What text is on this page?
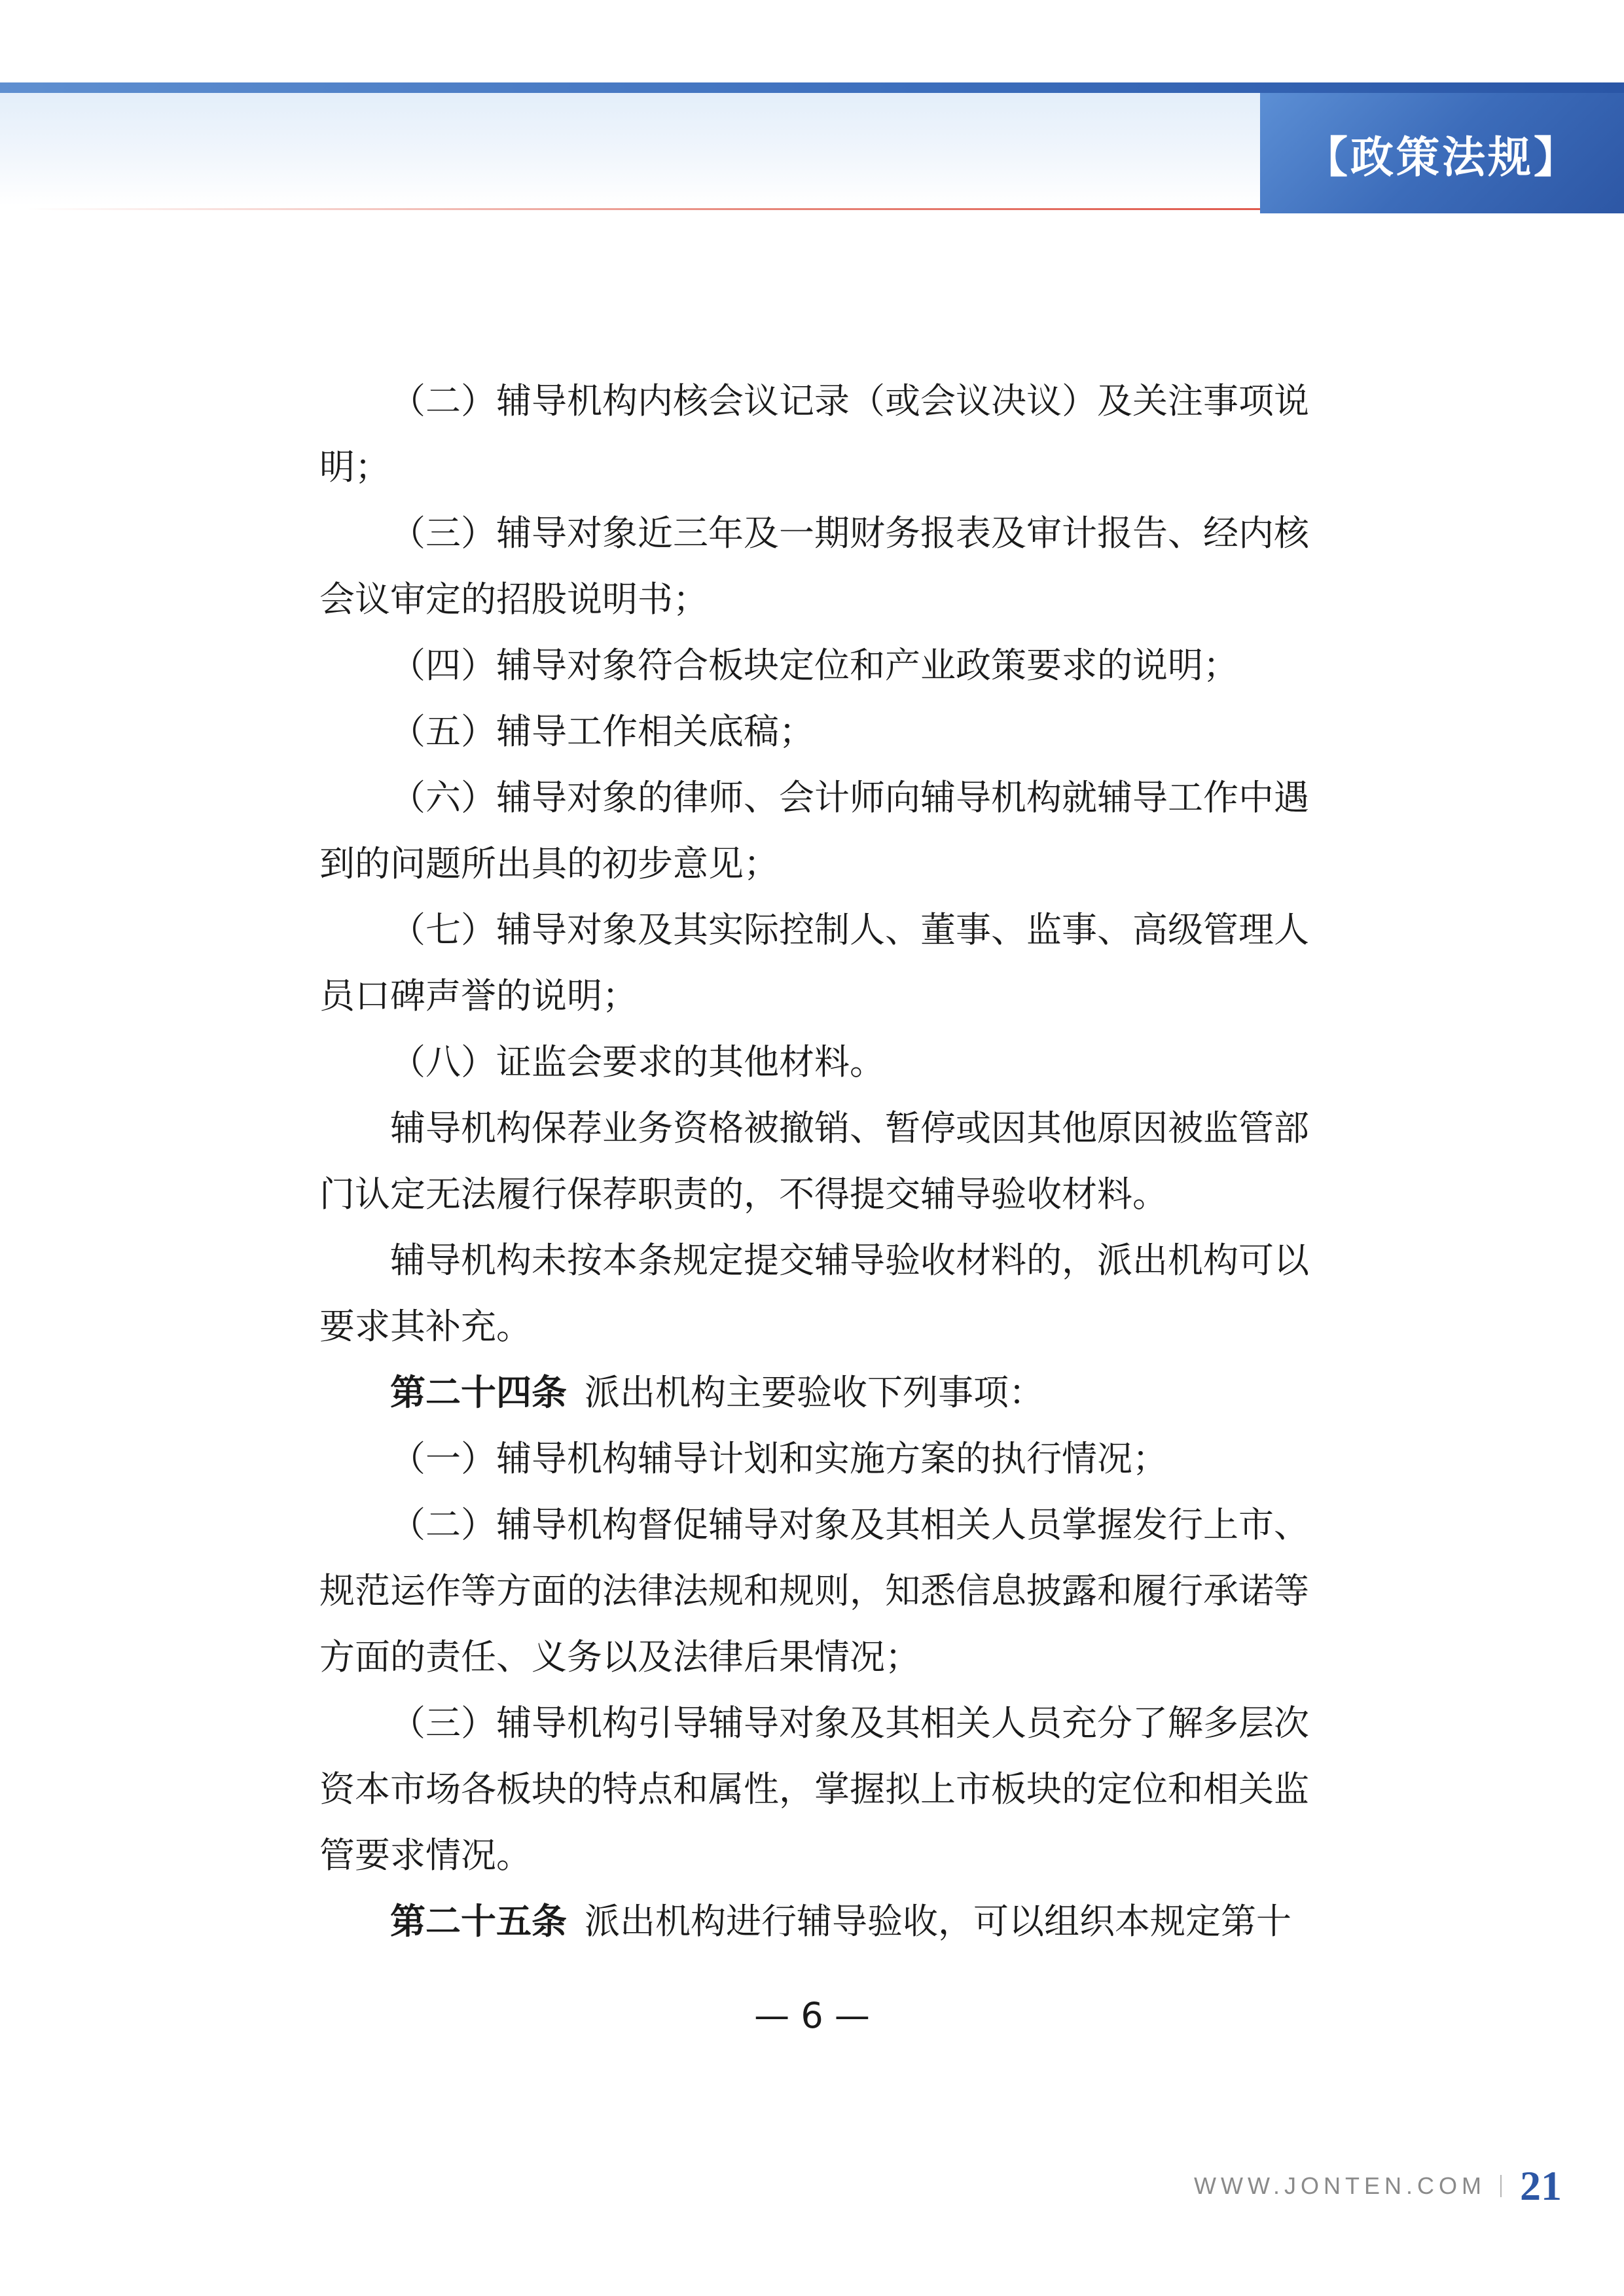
【政策法规】
（二）辅导机构内核会议记录（或会议决议）及关注事项说
明；
（三）辅导对象近三年及一期财务报表及审计报告、经内核
会议审定的招股说明书；
（四）辅导对象符合板块定位和产业政策要求的说明；
（五）辅导工作相关底稿；
（六）辅导对象的律师、会计师向辅导机构就辅导工作中遇
到的问题所出具的初步意见；
（七）辅导对象及其实际控制人、董事、监事、高级管理人
员口碑声誉的说明；
（八）证监会要求的其他材料。
辅导机构保荐业务资格被撤销、暂停或因其他原因被监管部
门认定无法履行保荐职责的，不得提交辅导验收材料。
辅导机构未按本条规定提交辅导验收材料的，派出机构可以
要求其补充。
第二十四条 派出机构主要验收下列事项：
（一）辅导机构辅导计划和实施方案的执行情况；
（二）辅导机构督促辅导对象及其相关人员掌握发行上市、
规范运作等方面的法律法规和规则，知悉信息披露和履行承诺等
方面的责任、义务以及法律后果情况；
（三）辅导机构引导辅导对象及其相关人员充分了解多层次
资本市场各板块的特点和属性，掌握拟上市板块的定位和相关监
管要求情况。
第二十五条 派出机构进行辅导验收，可以组织本规定第十
— 6 —
WWW.JONTEN.COM 21
